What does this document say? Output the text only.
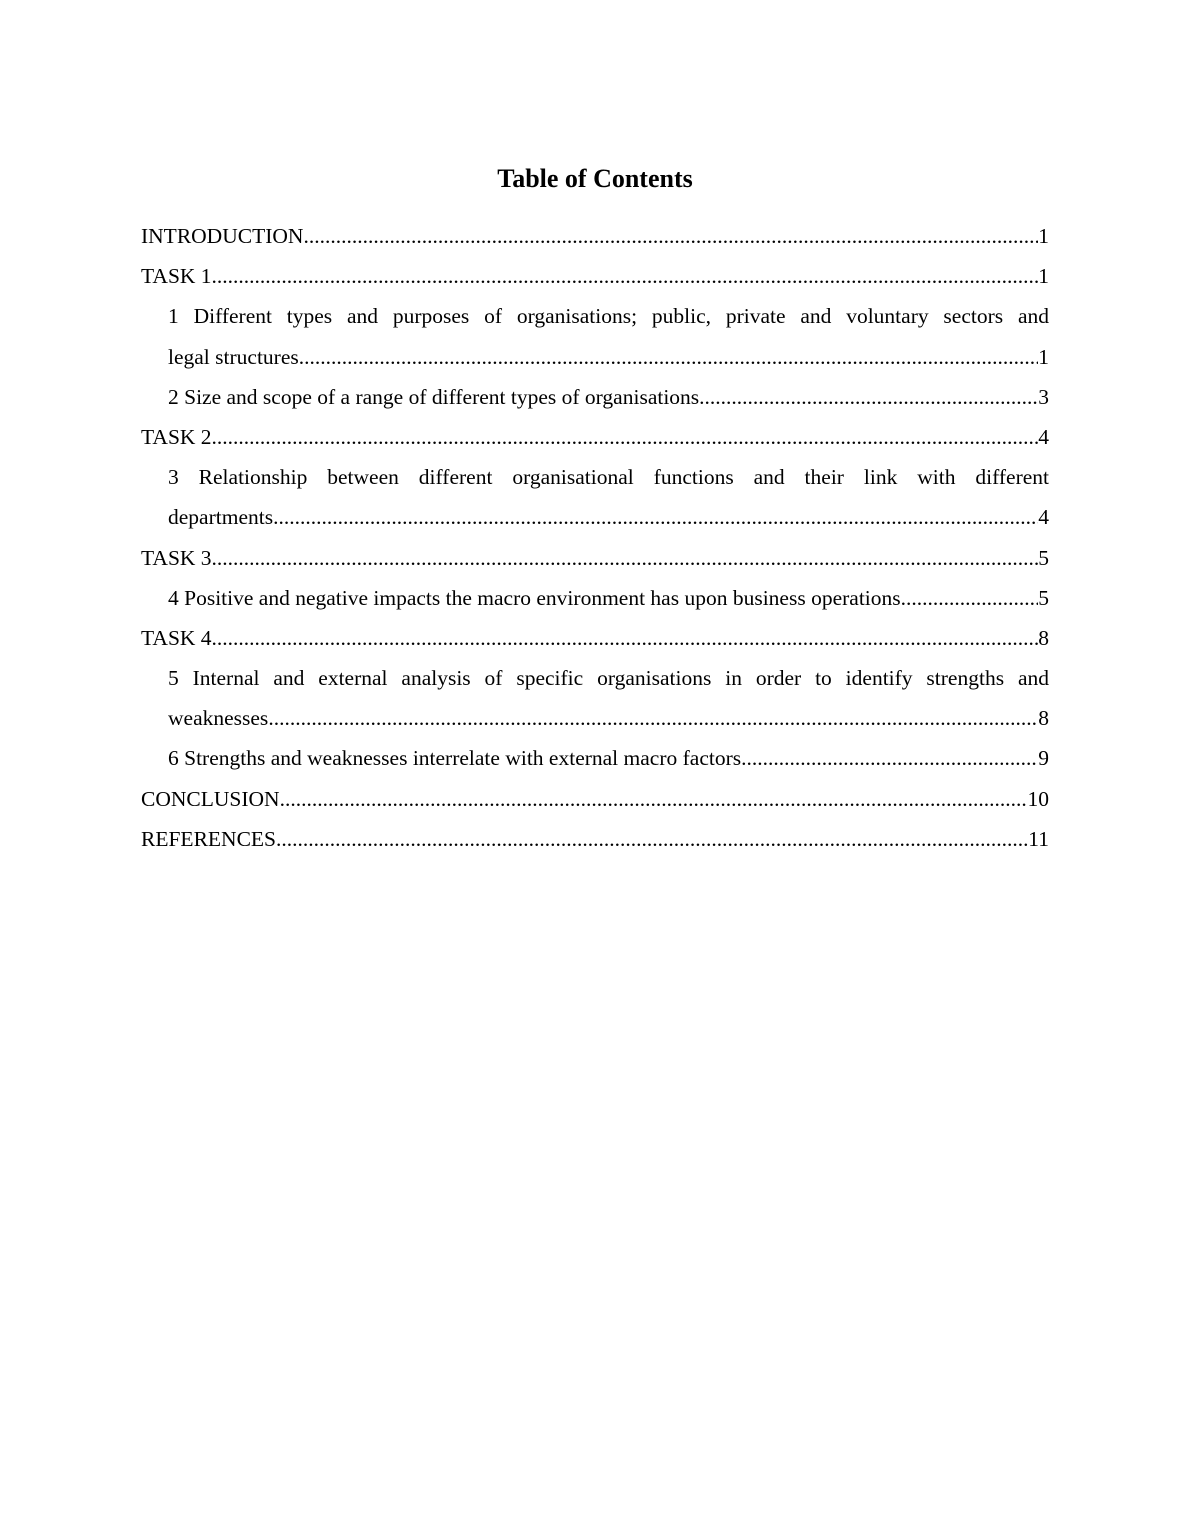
Table of Contents
INTRODUCTION .....	1
TASK 1 .....	1
1 Different types and purposes of organisations; public, private and voluntary sectors and
legal structures .....	1
2 Size and scope of a range of different types of organisations .....	3
TASK 2 .....	4
3 Relationship between different organisational functions and their link with different
departments .....	4
TASK 3 .....	5
4 Positive and negative impacts the macro environment has upon business operations .....	5
TASK 4 .....	8
5 Internal and external analysis of specific organisations in order to identify strengths and
weaknesses .....	8
6 Strengths and weaknesses interrelate with external macro factors .....	9
CONCLUSION .....	10
REFERENCES .....	11
